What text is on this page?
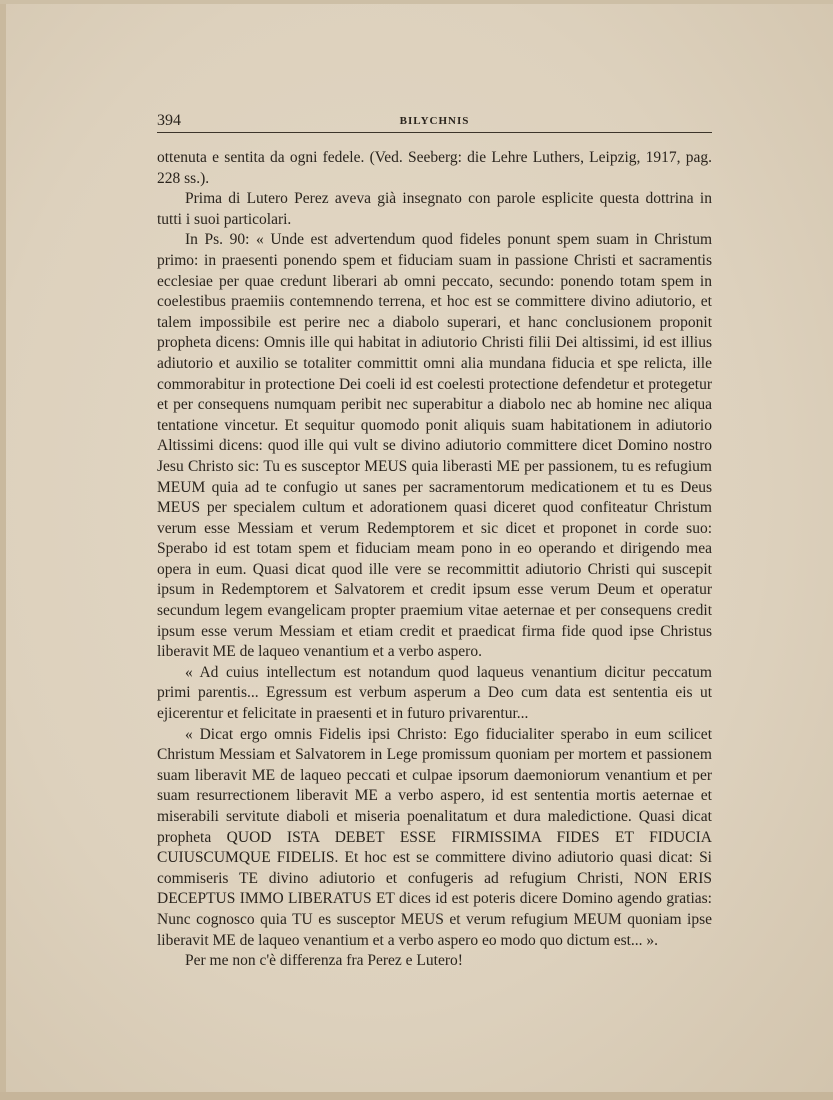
394	BILYCHNIS

ottenuta e sentita da ogni fedele. (Ved. Seeberg: die Lehre Luthers, Leipzig, 1917, pag. 228 ss.).

Prima di Lutero Perez aveva già insegnato con parole esplicite questa dottrina in tutti i suoi particolari.

In Ps. 90: « Unde est advertendum quod fideles ponunt spem suam in Christum primo: in praesenti ponendo spem et fiduciam suam in passione Christi et sacramentis ecclesiae per quae credunt liberari ab omni peccato, secundo: ponendo totam spem in coelestibus praemiis contemnendo terrena, et hoc est se committere divino adiutorio, et talem impossibile est perire nec a diabolo superari, et hanc conclusionem proponit propheta dicens: Omnis ille qui habitat in adiutorio Christi filii Dei altissimi, id est illius adiutorio et auxilio se totaliter committit omni alia mundana fiducia et spe relicta, ille commorabitur in protectione Dei coeli id est coelesti protectione defendetur et protegetur et per consequens numquam peribit nec superabitur a diabolo nec ab homine nec aliqua tentatione vincetur. Et sequitur quomodo ponit aliquis suam habitationem in adiutorio Altissimi dicens: quod ille qui vult se divino adiutorio committere dicet Domino nostro Jesu Christo sic: Tu es susceptor MEUS quia liberasti ME per passionem, tu es refugium MEUM quia ad te confugio ut sanes per sacramentorum medicationem et tu es Deus MEUS per specialem cultum et adorationem quasi diceret quod confiteatur Christum verum esse Messiam et verum Redemptorem et sic dicet et proponet in corde suo: Sperabo id est totam spem et fiduciam meam pono in eo operando et dirigendo mea opera in eum. Quasi dicat quod ille vere se recommittit adiutorio Christi qui suscepit ipsum in Redemptorem et Salvatorem et credit ipsum esse verum Deum et operatur secundum legem evangelicam propter praemium vitae aeternae et per consequens credit ipsum esse verum Messiam et etiam credit et praedicat firma fide quod ipse Christus liberavit ME de laqueo venantium et a verbo aspero.

« Ad cuius intellectum est notandum quod laqueus venantium dicitur peccatum primi parentis... Egressum est verbum asperum a Deo cum data est sententia eis ut ejicerentur et felicitate in praesenti et in futuro privarentur...

« Dicat ergo omnis Fidelis ipsi Christo: Ego fiducialiter sperabo in eum scilicet Christum Messiam et Salvatorem in Lege promissum quoniam per mortem et passionem suam liberavit ME de laqueo peccati et culpae ipsorum daemoniorum venantium et per suam resurrectionem liberavit ME a verbo aspero, id est sententia mortis aeternae et miserabili servitute diaboli et miseria poenalitatum et dura maledictione. Quasi dicat propheta QUOD ISTA DEBET ESSE FIRMISSIMA FIDES ET FIDUCIA CUIUSCUMQUE FIDELIS. Et hoc est se committere divino adiutorio quasi dicat: Si commiseris TE divino adiutorio et confugeris ad refugium Christi, NON ERIS DECEPTUS IMMO LIBERATUS ET dices id est poteris dicere Domino agendo gratias: Nunc cognosco quia TU es susceptor MEUS et verum refugium MEUM quoniam ipse liberavit ME de laqueo venantium et a verbo aspero eo modo quo dictum est... ».

Per me non c'è differenza fra Perez e Lutero!
